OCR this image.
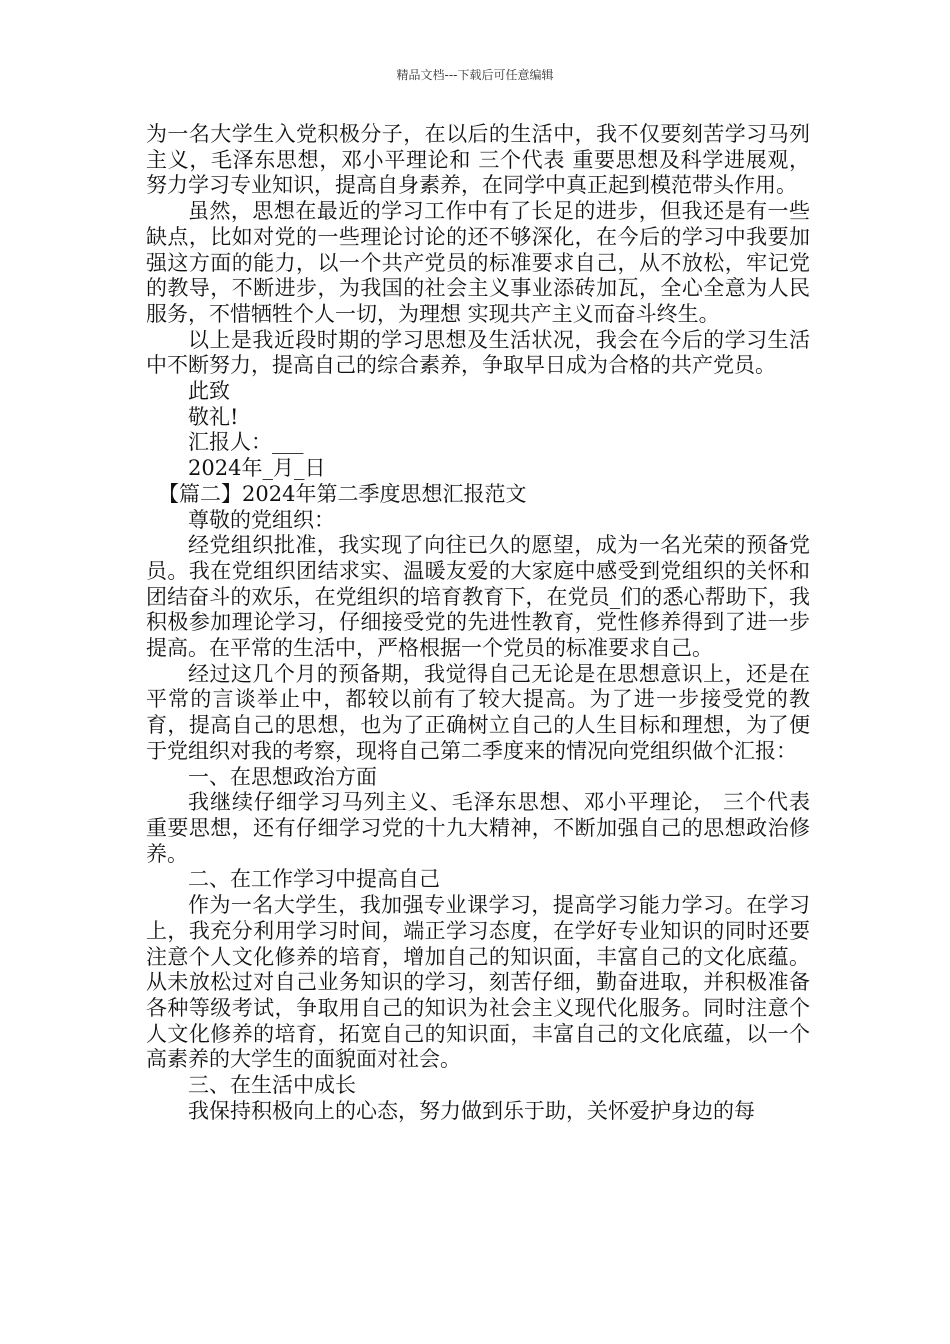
精品文档---下载后可任意编辑

为一名大学生入党积极分子，在以后的生活中，我不仅要刻苦学习马列主义，毛泽东思想，邓小平理论和 三个代表 重要思想及科学进展观，努力学习专业知识，提高自身素养，在同学中真正起到模范带头作用。

虽然，思想在最近的学习工作中有了长足的进步，但我还是有一些缺点，比如对党的一些理论讨论的还不够深化，在今后的学习中我要加强这方面的能力，以一个共产党员的标准要求自己，从不放松，牢记党的教导，不断进步，为我国的社会主义事业添砖加瓦，全心全意为人民服务，不惜牺牲个人一切，为理想 实现共产主义而奋斗终生。

以上是我近段时期的学习思想及生活状况，我会在今后的学习生活中不断努力，提高自己的综合素养，争取早日成为合格的共产党员。

此致

敬礼!

汇报人：___

2024年_月_日

【篇二】2024年第二季度思想汇报范文

尊敬的党组织：

经党组织批准，我实现了向往已久的愿望，成为一名光荣的预备党员。我在党组织团结求实、温暖友爱的大家庭中感受到党组织的关怀和团结奋斗的欢乐，在党组织的培育教育下，在党员_们的悉心帮助下，我积极参加理论学习，仔细接受党的先进性教育，党性修养得到了进一步提高。在平常的生活中，严格根据一个党员的标准要求自己。

经过这几个月的预备期，我觉得自己无论是在思想意识上，还是在平常的言谈举止中，都较以前有了较大提高。为了进一步接受党的教育，提高自己的思想，也为了正确树立自己的人生目标和理想，为了便于党组织对我的考察，现将自己第二季度来的情况向党组织做个汇报：

一、在思想政治方面

我继续仔细学习马列主义、毛泽东思想、邓小平理论， 三个代表 重要思想，还有仔细学习党的十九大精神，不断加强自己的思想政治修养。

二、在工作学习中提高自己

作为一名大学生，我加强专业课学习，提高学习能力学习。在学习上，我充分利用学习时间，端正学习态度，在学好专业知识的同时还要注意个人文化修养的培育，增加自己的知识面，丰富自己的文化底蕴。从未放松过对自己业务知识的学习，刻苦仔细，勤奋进取，并积极准备各种等级考试，争取用自己的知识为社会主义现代化服务。同时注意个人文化修养的培育，拓宽自己的知识面，丰富自己的文化底蕴，以一个高素养的大学生的面貌面对社会。

三、在生活中成长

我保持积极向上的心态，努力做到乐于助，关怀爱护身边的每
